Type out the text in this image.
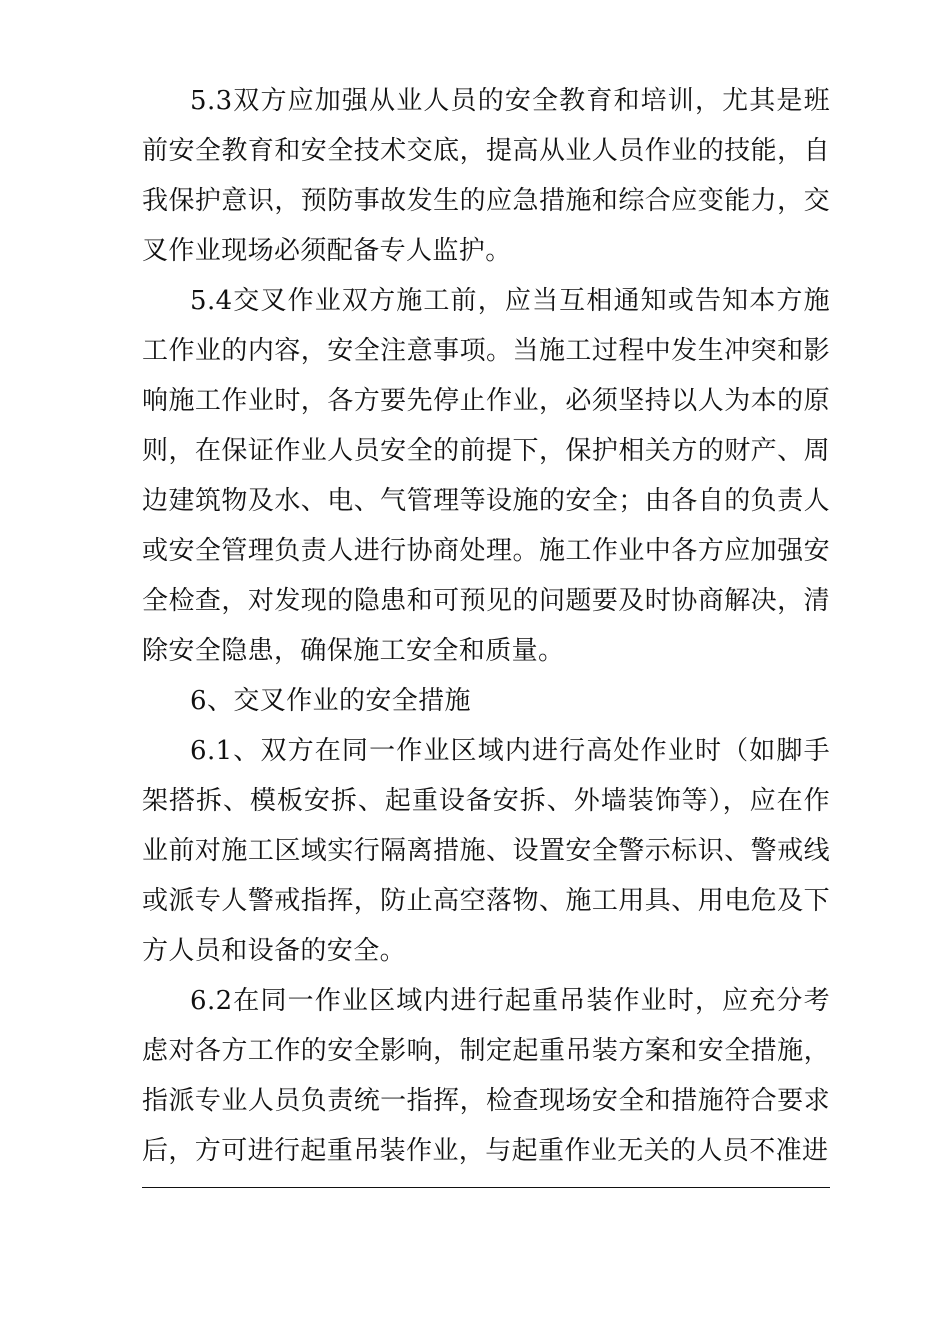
5.3双方应加强从业人员的安全教育和培训，尤其是班前安全教育和安全技术交底，提高从业人员作业的技能，自我保护意识，预防事故发生的应急措施和综合应变能力，交叉作业现场必须配备专人监护。

5.4交叉作业双方施工前，应当互相通知或告知本方施工作业的内容，安全注意事项。当施工过程中发生冲突和影响施工作业时，各方要先停止作业，必须坚持以人为本的原则，在保证作业人员安全的前提下，保护相关方的财产、周边建筑物及水、电、气管理等设施的安全；由各自的负责人或安全管理负责人进行协商处理。施工作业中各方应加强安全检查，对发现的隐患和可预见的问题要及时协商解决，清除安全隐患，确保施工安全和质量。

6、交叉作业的安全措施

6.1、双方在同一作业区域内进行高处作业时（如脚手架搭拆、模板安拆、起重设备安拆、外墙装饰等），应在作业前对施工区域实行隔离措施、设置安全警示标识、警戒线或派专人警戒指挥，防止高空落物、施工用具、用电危及下方人员和设备的安全。

6.2在同一作业区域内进行起重吊装作业时，应充分考虑对各方工作的安全影响，制定起重吊装方案和安全措施，指派专业人员负责统一指挥，检查现场安全和措施符合要求后，方可进行起重吊装作业，与起重作业无关的人员不准进
